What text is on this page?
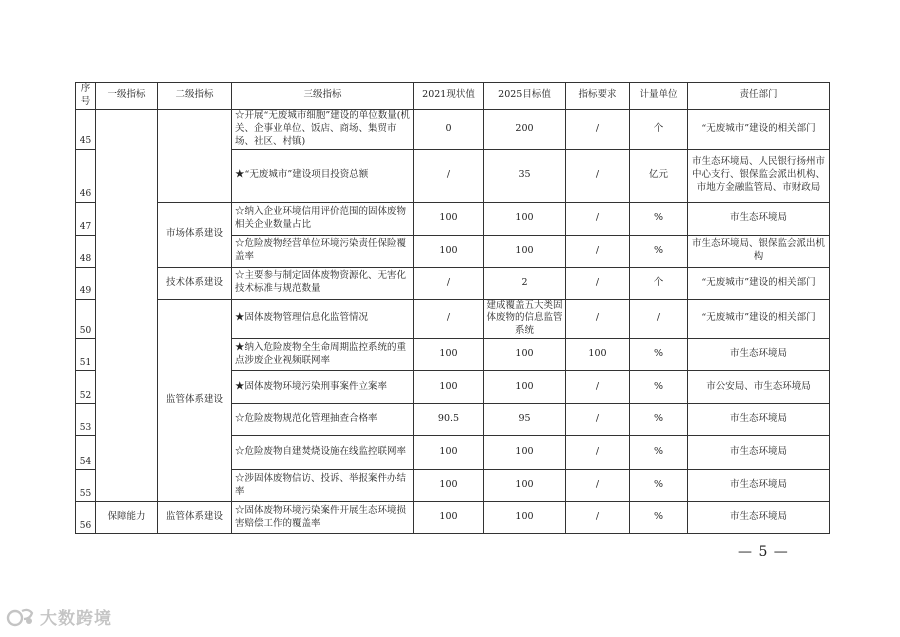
序号	一级指标	二级指标	三级指标	2021现状值	2025目标值	指标要求	计量单位	责任部门
45			☆开展“无废城市细胞”建设的单位数量(机关、企事业单位、饭店、商场、集贸市场、社区、村镇)	0	200	/	个	“无废城市”建设的相关部门
46			★“无废城市”建设项目投资总额	/	35	/	亿元	市生态环境局、人民银行扬州市中心支行、银保监会派出机构、市地方金融监管局、市财政局
47		市场体系建设	☆纳入企业环境信用评价范围的固体废物相关企业数量占比	100	100	/	%	市生态环境局
48			☆危险废物经营单位环境污染责任保险覆盖率	100	100	/	%	市生态环境局、银保监会派出机构
49		技术体系建设	☆主要参与制定固体废物资源化、无害化技术标准与规范数量	/	2	/	个	“无废城市”建设的相关部门
50		监管体系建设	★固体废物管理信息化监管情况	/	建成覆盖五大类固体废物的信息监管系统	/	/	“无废城市”建设的相关部门
51			★纳入危险废物全生命周期监控系统的重点涉废企业视频联网率	100	100	100	%	市生态环境局
52			★固体废物环境污染刑事案件立案率	100	100	/	%	市公安局、市生态环境局
53			☆危险废物规范化管理抽查合格率	90.5	95	/	%	市生态环境局
54			☆危险废物自建焚烧设施在线监控联网率	100	100	/	%	市生态环境局
55			☆涉固体废物信访、投诉、举报案件办结率	100	100	/	%	市生态环境局
56	保障能力	监管体系建设	☆固体废物环境污染案件开展生态环境损害赔偿工作的覆盖率	100	100	/	%	市生态环境局
— 5 —
大数跨境
